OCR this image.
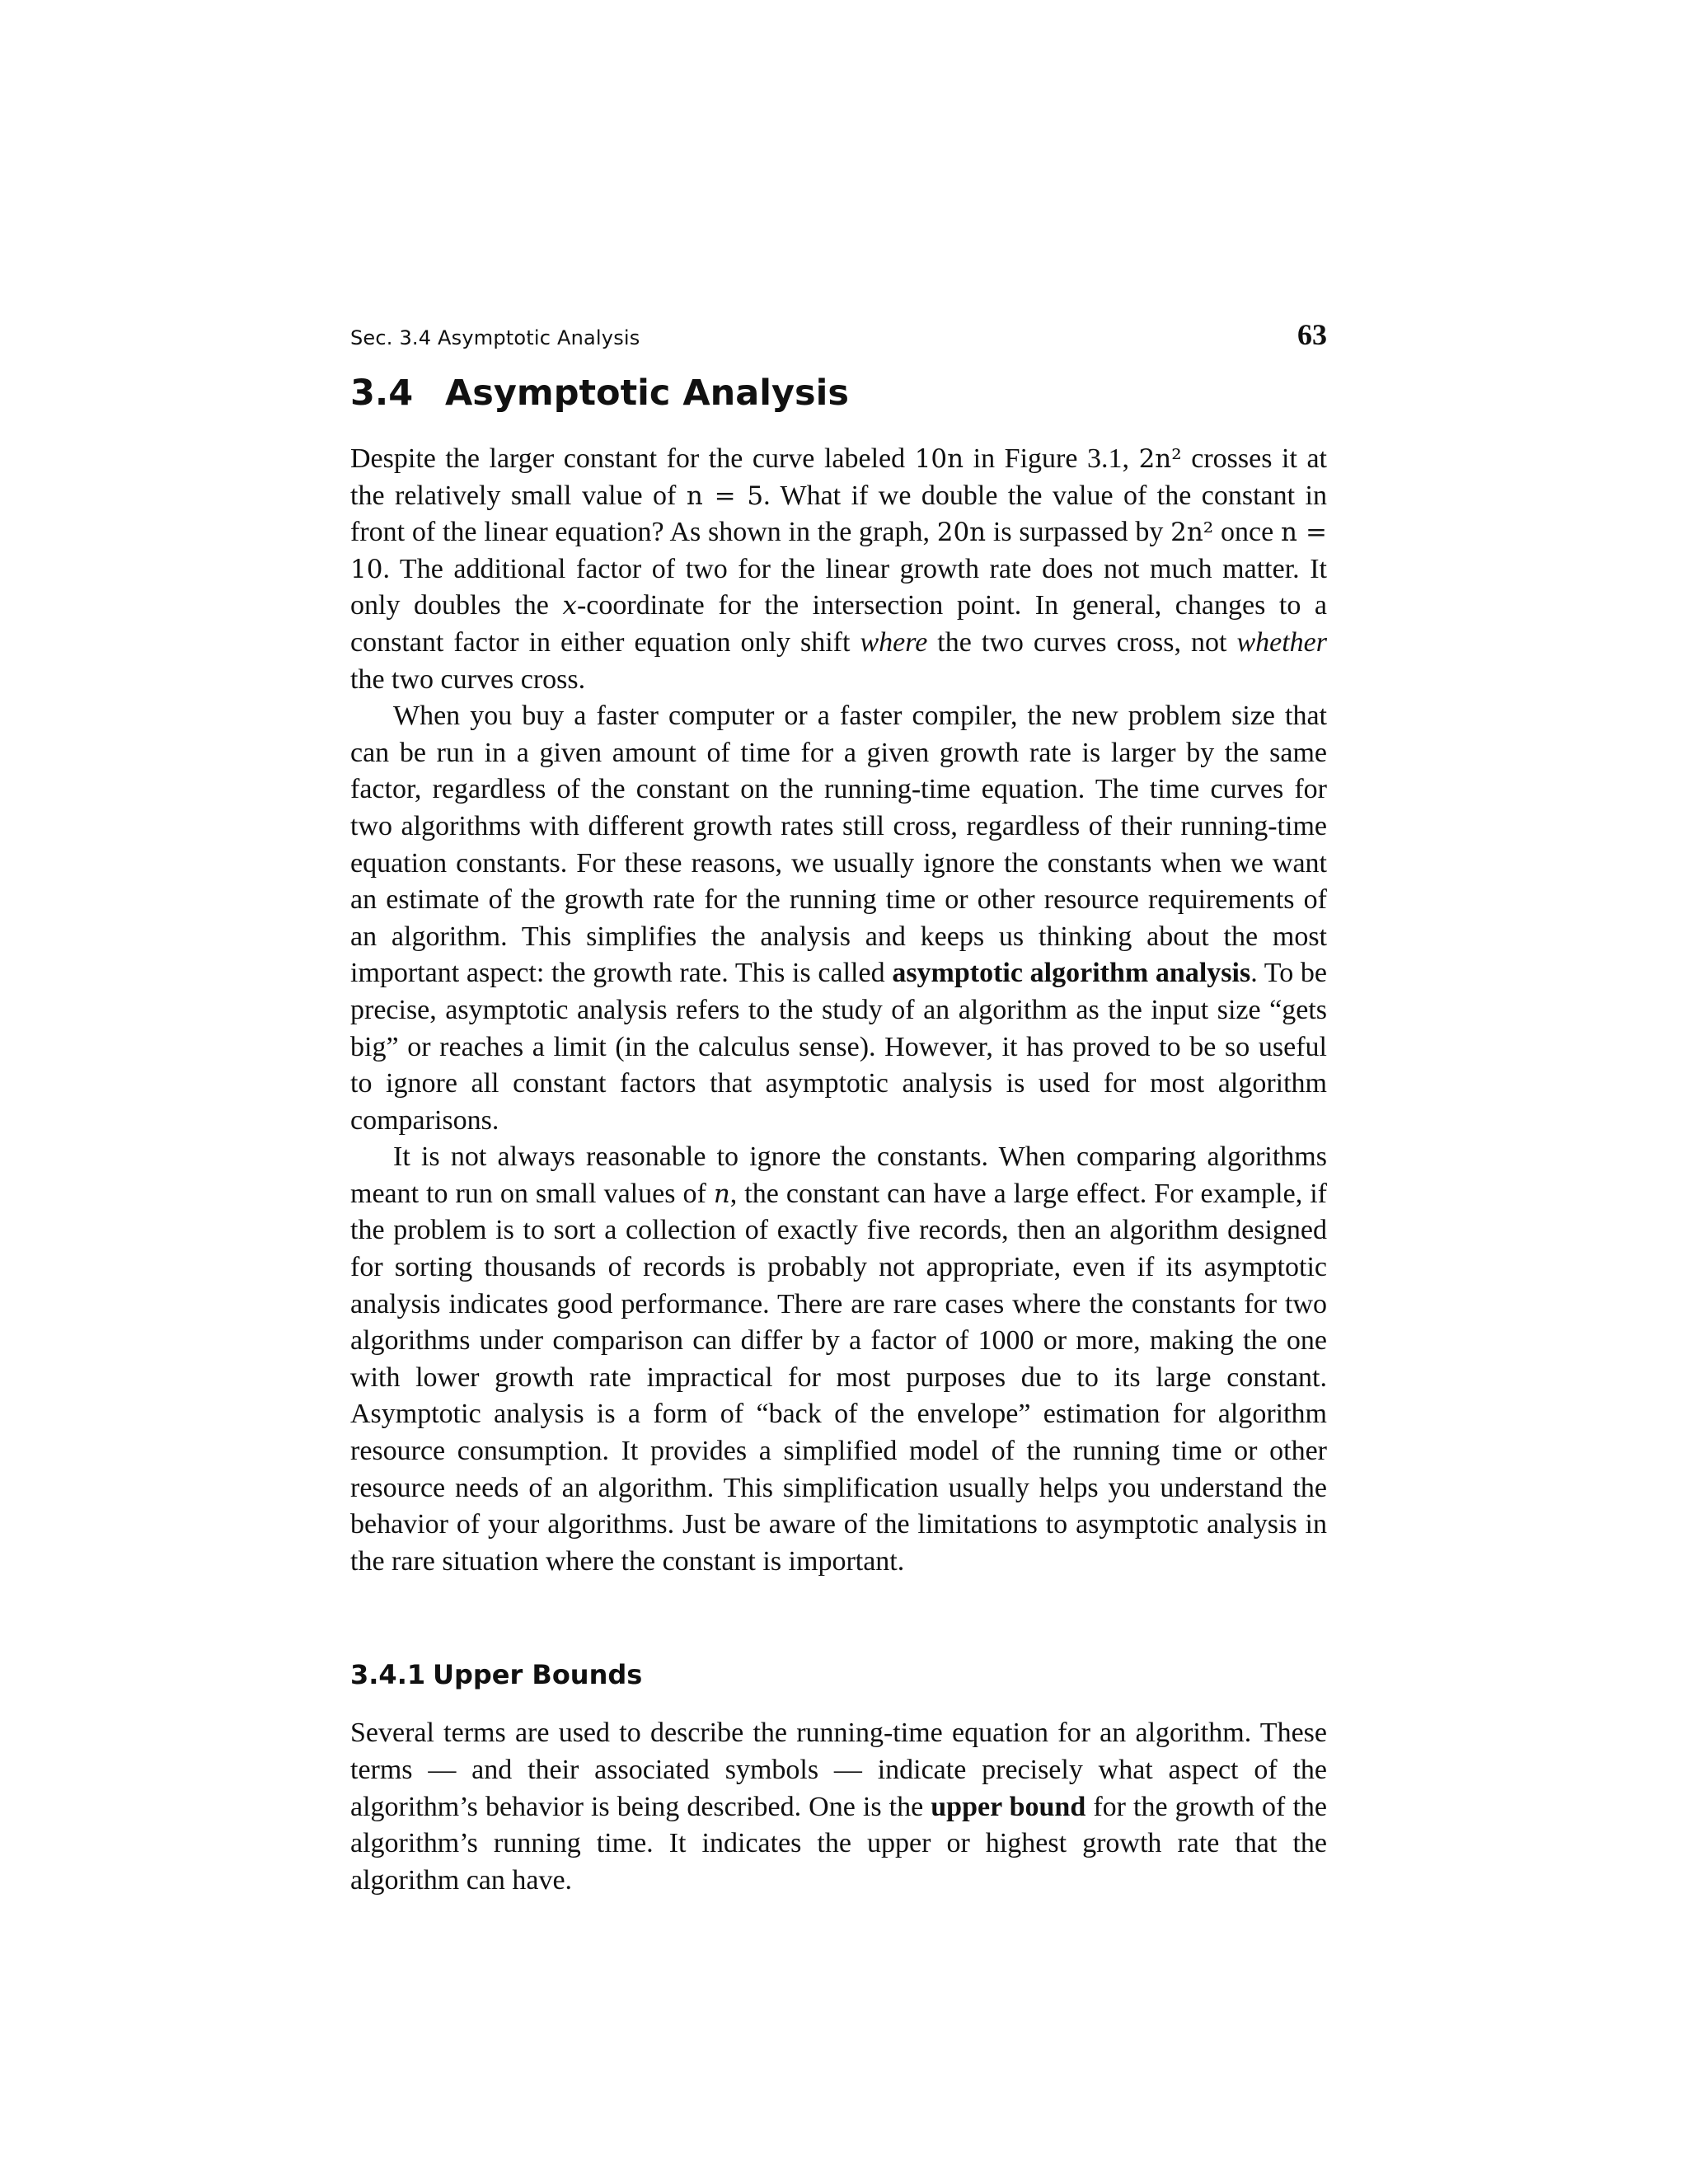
Sec. 3.4 Asymptotic Analysis	63
3.4 Asymptotic Analysis

Despite the larger constant for the curve labeled 10n in Figure 3.1, 2n² crosses it at the relatively small value of n = 5. What if we double the value of the constant in front of the linear equation? As shown in the graph, 20n is surpassed by 2n² once n = 10. The additional factor of two for the linear growth rate does not much matter. It only doubles the x-coordinate for the intersection point. In general, changes to a constant factor in either equation only shift where the two curves cross, not whether the two curves cross.

When you buy a faster computer or a faster compiler, the new problem size that can be run in a given amount of time for a given growth rate is larger by the same factor, regardless of the constant on the running-time equation. The time curves for two algorithms with different growth rates still cross, regardless of their running-time equation constants. For these reasons, we usually ignore the constants when we want an estimate of the growth rate for the running time or other resource requirements of an algorithm. This simplifies the analysis and keeps us thinking about the most important aspect: the growth rate. This is called asymptotic algorithm analysis. To be precise, asymptotic analysis refers to the study of an algorithm as the input size “gets big” or reaches a limit (in the calculus sense). However, it has proved to be so useful to ignore all constant factors that asymptotic analysis is used for most algorithm comparisons.

It is not always reasonable to ignore the constants. When comparing algorithms meant to run on small values of n, the constant can have a large effect. For example, if the problem is to sort a collection of exactly five records, then an algorithm designed for sorting thousands of records is probably not appropriate, even if its asymptotic analysis indicates good performance. There are rare cases where the constants for two algorithms under comparison can differ by a factor of 1000 or more, making the one with lower growth rate impractical for most purposes due to its large constant. Asymptotic analysis is a form of “back of the envelope” estimation for algorithm resource consumption. It provides a simplified model of the running time or other resource needs of an algorithm. This simplification usually helps you understand the behavior of your algorithms. Just be aware of the limitations to asymptotic analysis in the rare situation where the constant is important.

3.4.1 Upper Bounds

Several terms are used to describe the running-time equation for an algorithm. These terms — and their associated symbols — indicate precisely what aspect of the algorithm’s behavior is being described. One is the upper bound for the growth of the algorithm’s running time. It indicates the upper or highest growth rate that the algorithm can have.
